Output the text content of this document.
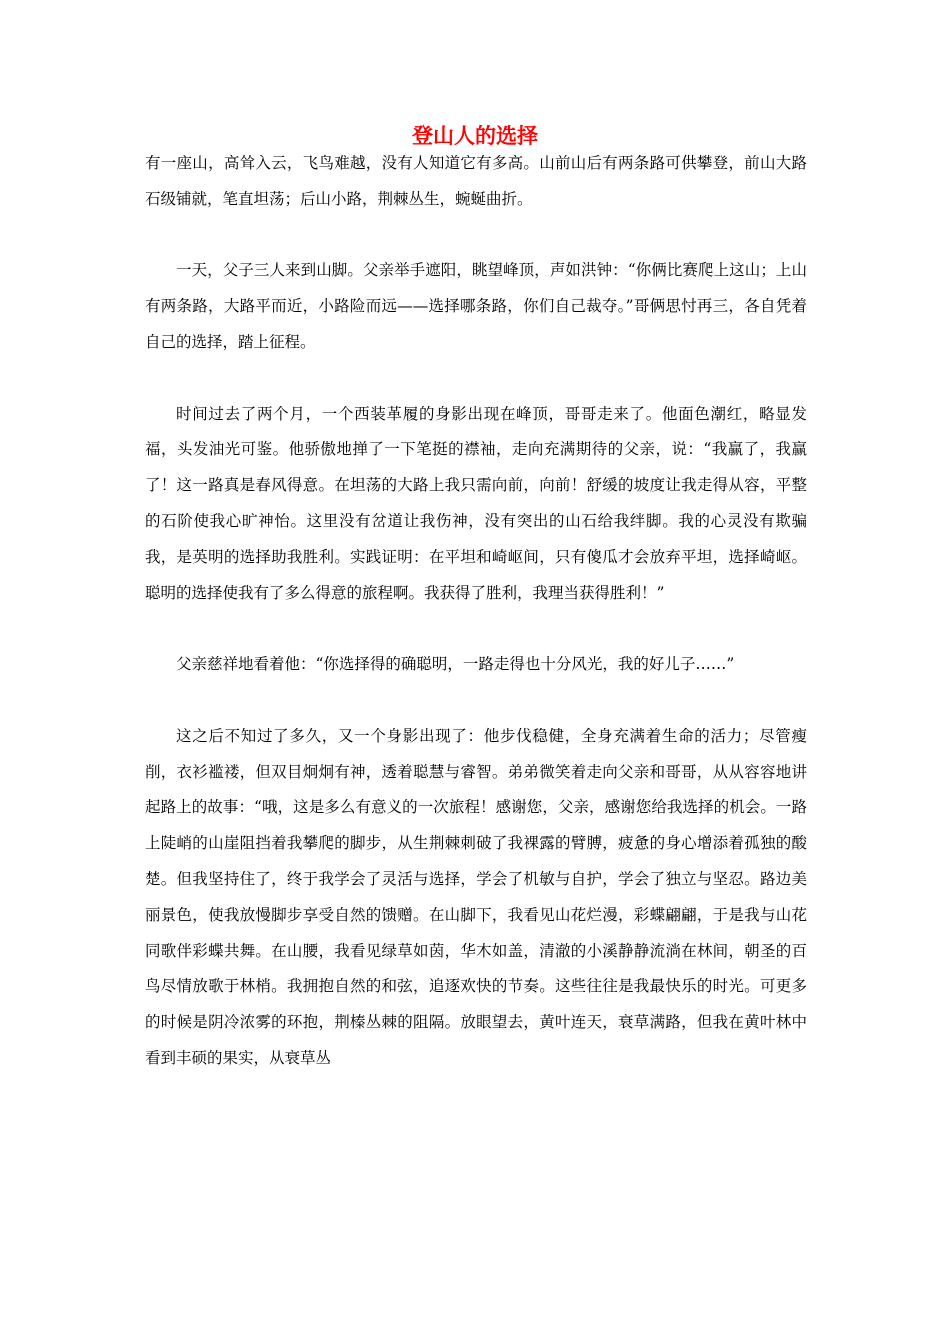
登山人的选择

有一座山，高耸入云，飞鸟难越，没有人知道它有多高。山前山后有两条路可供攀登，前山大路石级铺就，笔直坦荡；后山小路，荆棘丛生，蜿蜒曲折。

一天，父子三人来到山脚。父亲举手遮阳，眺望峰顶，声如洪钟：“你俩比赛爬上这山；上山有两条路，大路平而近，小路险而远——选择哪条路，你们自己裁夺。”哥俩思忖再三，各自凭着自己的选择，踏上征程。

时间过去了两个月，一个西装革履的身影出现在峰顶，哥哥走来了。他面色潮红，略显发福，头发油光可鉴。他骄傲地掸了一下笔挺的襟袖，走向充满期待的父亲，说：“我赢了，我赢了！这一路真是春风得意。在坦荡的大路上我只需向前，向前！舒缓的坡度让我走得从容，平整的石阶使我心旷神怡。这里没有岔道让我伤神，没有突出的山石给我绊脚。我的心灵没有欺骗我，是英明的选择助我胜利。实践证明：在平坦和崎岖间，只有傻瓜才会放弃平坦，选择崎岖。聪明的选择使我有了多么得意的旅程啊。我获得了胜利，我理当获得胜利！”

父亲慈祥地看着他：“你选择得的确聪明，一路走得也十分风光，我的好儿子……”

这之后不知过了多久，又一个身影出现了：他步伐稳健，全身充满着生命的活力；尽管瘦削，衣衫褴褛，但双目炯炯有神，透着聪慧与睿智。弟弟微笑着走向父亲和哥哥，从从容容地讲起路上的故事：“哦，这是多么有意义的一次旅程！感谢您，父亲，感谢您给我选择的机会。一路上陡峭的山崖阻挡着我攀爬的脚步，从生荆棘刺破了我裸露的臂膊，疲惫的身心增添着孤独的酸楚。但我坚持住了，终于我学会了灵活与选择，学会了机敏与自护，学会了独立与坚忍。路边美丽景色，使我放慢脚步享受自然的馈赠。在山脚下，我看见山花烂漫，彩蝶翩翩，于是我与山花同歌伴彩蝶共舞。在山腰，我看见绿草如茵，华木如盖，清澈的小溪静静流淌在林间，朝圣的百鸟尽情放歌于林梢。我拥抱自然的和弦，追逐欢快的节奏。这些往往是我最快乐的时光。可更多的时候是阴冷浓雾的环抱，荆榛丛棘的阻隔。放眼望去，黄叶连天，衰草满路，但我在黄叶林中看到丰硕的果实，从衰草丛
